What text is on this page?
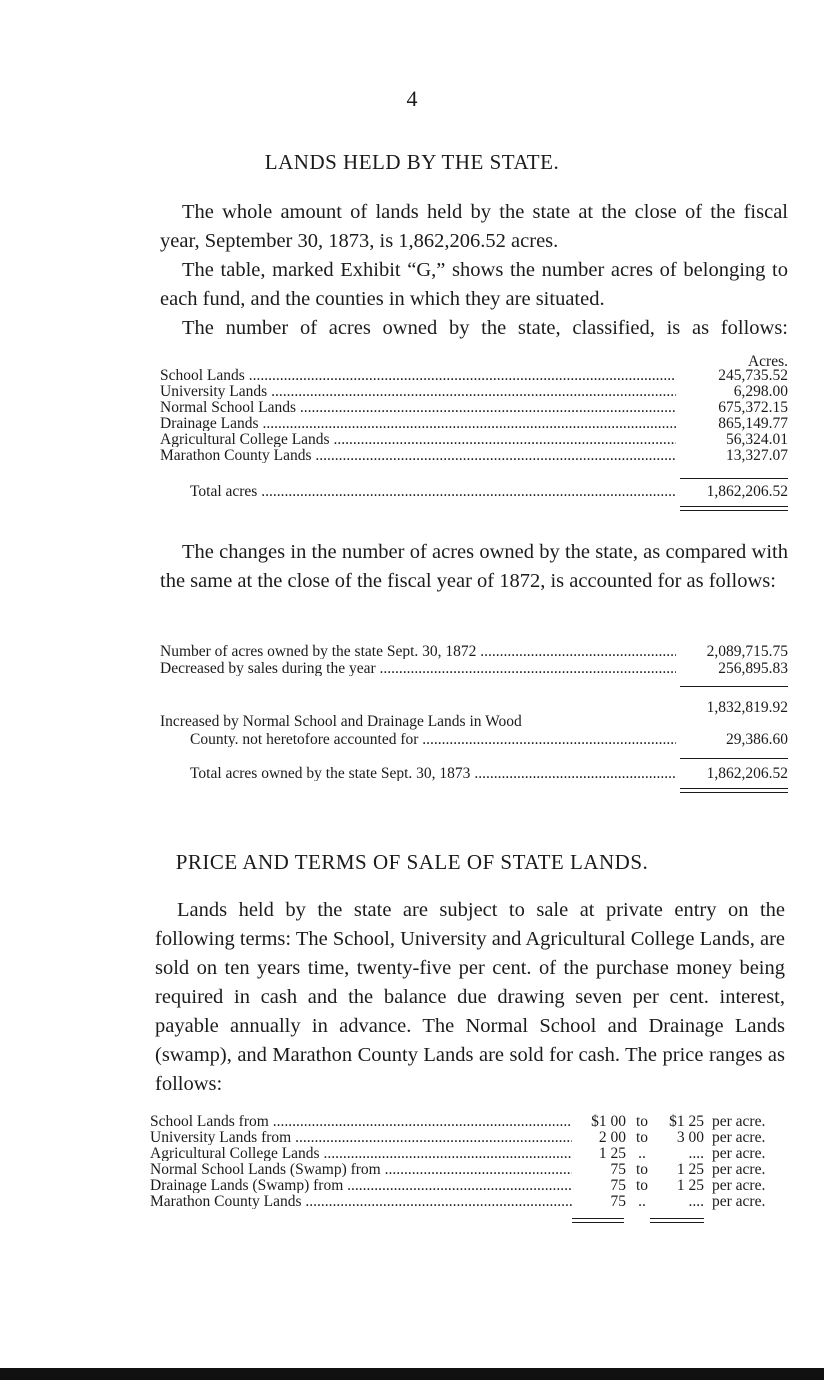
4
LANDS HELD BY THE STATE.

The whole amount of lands held by the state at the close of the fiscal year, September 30, 1873, is 1,862,206.52 acres.

The table, marked Exhibit “G,” shows the number acres of belonging to each fund, and the counties in which they are situated.

The number of acres owned by the state, classified, is as follows:

Acres.
School Lands .....	245,735.52
University Lands .....	6,298.00
Normal School Lands .....	675,372.15
Drainage Lands .....	865,149.77
Agricultural College Lands .....	56,324.01
Marathon County Lands .....	13,327.07
Total acres .....	1,862,206.52

The changes in the number of acres owned by the state, as compared with the same at the close of the fiscal year of 1872, is accounted for as follows:

Number of acres owned by the state Sept. 30, 1872 .....	2,089,715.75
Decreased by sales during the year .....	256,895.83
1,832,819.92
Increased by Normal School and Drainage Lands in Wood
County. not heretofore accounted for .....	29,386.60
Total acres owned by the state Sept. 30, 1873 .....	1,862,206.52
PRICE AND TERMS OF SALE OF STATE LANDS.

Lands held by the state are subject to sale at private entry on the following terms: The School, University and Agricultural College Lands, are sold on ten years time, twenty-five per cent. of the purchase money being required in cash and the balance due drawing seven per cent. interest, payable annually in advance. The Normal School and Drainage Lands (swamp), and Marathon County Lands are sold for cash. The price ranges as follows:

School Lands from .....	$1 00 to	$1 25 per acre.
University Lands from .....	2 00 to	3 00 per acre.
Agricultural College Lands .....	1 25 ..	.... per acre.
Normal School Lands (Swamp) from .....	75 to	1 25 per acre.
Drainage Lands (Swamp) from .....	75 to	1 25 per acre.
Marathon County Lands .....	75 ..	.... per acre.
